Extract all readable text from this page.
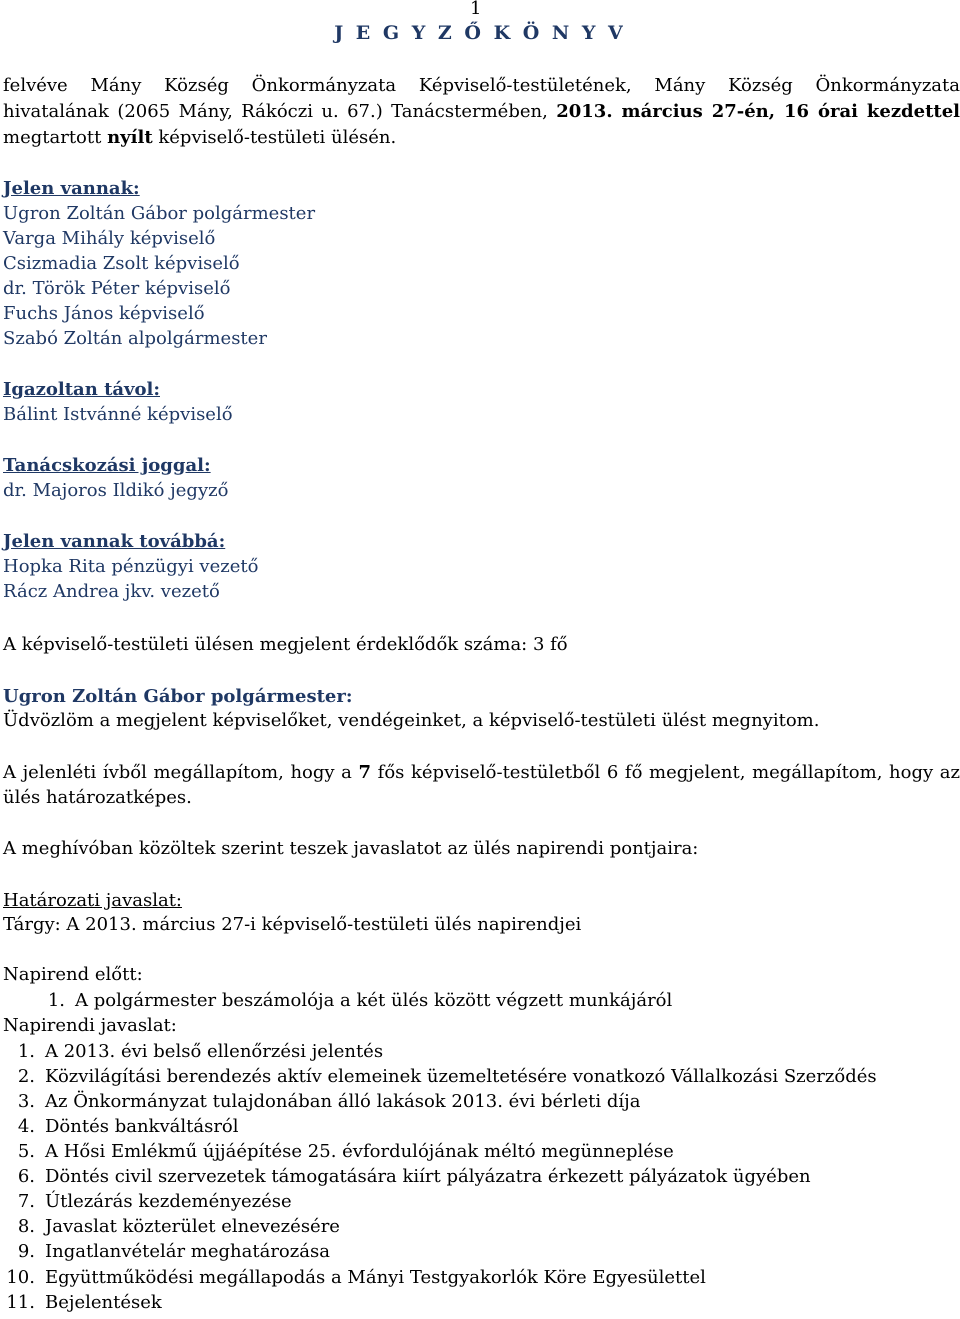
1
J E G Y Z Ő K Ö N Y V
felvéve Mány Község Önkormányzata Képviselő-testületének, Mány Község Önkormányzata
hivatalának (2065 Mány, Rákóczi u. 67.) Tanácstermében, 2013. március 27-én, 16 órai kezdettel
megtartott nyílt képviselő-testületi ülésén.
Jelen vannak:
Ugron Zoltán Gábor polgármester
Varga Mihály képviselő
Csizmadia Zsolt képviselő
dr. Török Péter képviselő
Fuchs János képviselő
Szabó Zoltán alpolgármester
Igazoltan távol:
Bálint Istvánné képviselő
Tanácskozási joggal:
dr. Majoros Ildikó jegyző
Jelen vannak továbbá:
Hopka Rita pénzügyi vezető
Rácz Andrea jkv. vezető
A képviselő-testületi ülésen megjelent érdeklődők száma: 3 fő
Ugron Zoltán Gábor polgármester:
Üdvözlöm a megjelent képviselőket, vendégeinket, a képviselő-testületi ülést megnyitom.
A jelenléti ívből megállapítom, hogy a 7 fős képviselő-testületből 6 fő megjelent, megállapítom, hogy az
ülés határozatképes.
A meghívóban közöltek szerint teszek javaslatot az ülés napirendi pontjaira:
Határozati javaslat:
Tárgy: A 2013. március 27-i képviselő-testületi ülés napirendjei
Napirend előtt:
1. A polgármester beszámolója a két ülés között végzett munkájáról
Napirendi javaslat:
1. A 2013. évi belső ellenőrzési jelentés
2. Közvilágítási berendezés aktív elemeinek üzemeltetésére vonatkozó Vállalkozási Szerződés
3. Az Önkormányzat tulajdonában álló lakások 2013. évi bérleti díja
4. Döntés bankváltásról
5. A Hősi Emlékmű újjáépítése 25. évfordulójának méltó megünneplése
6. Döntés civil szervezetek támogatására kiírt pályázatra érkezett pályázatok ügyében
7. Útlezárás kezdeményezése
8. Javaslat közterület elnevezésére
9. Ingatlanvételár meghatározása
10. Együttműködési megállapodás a Mányi Testgyakorlók Köre Egyesülettel
11. Bejelentések
